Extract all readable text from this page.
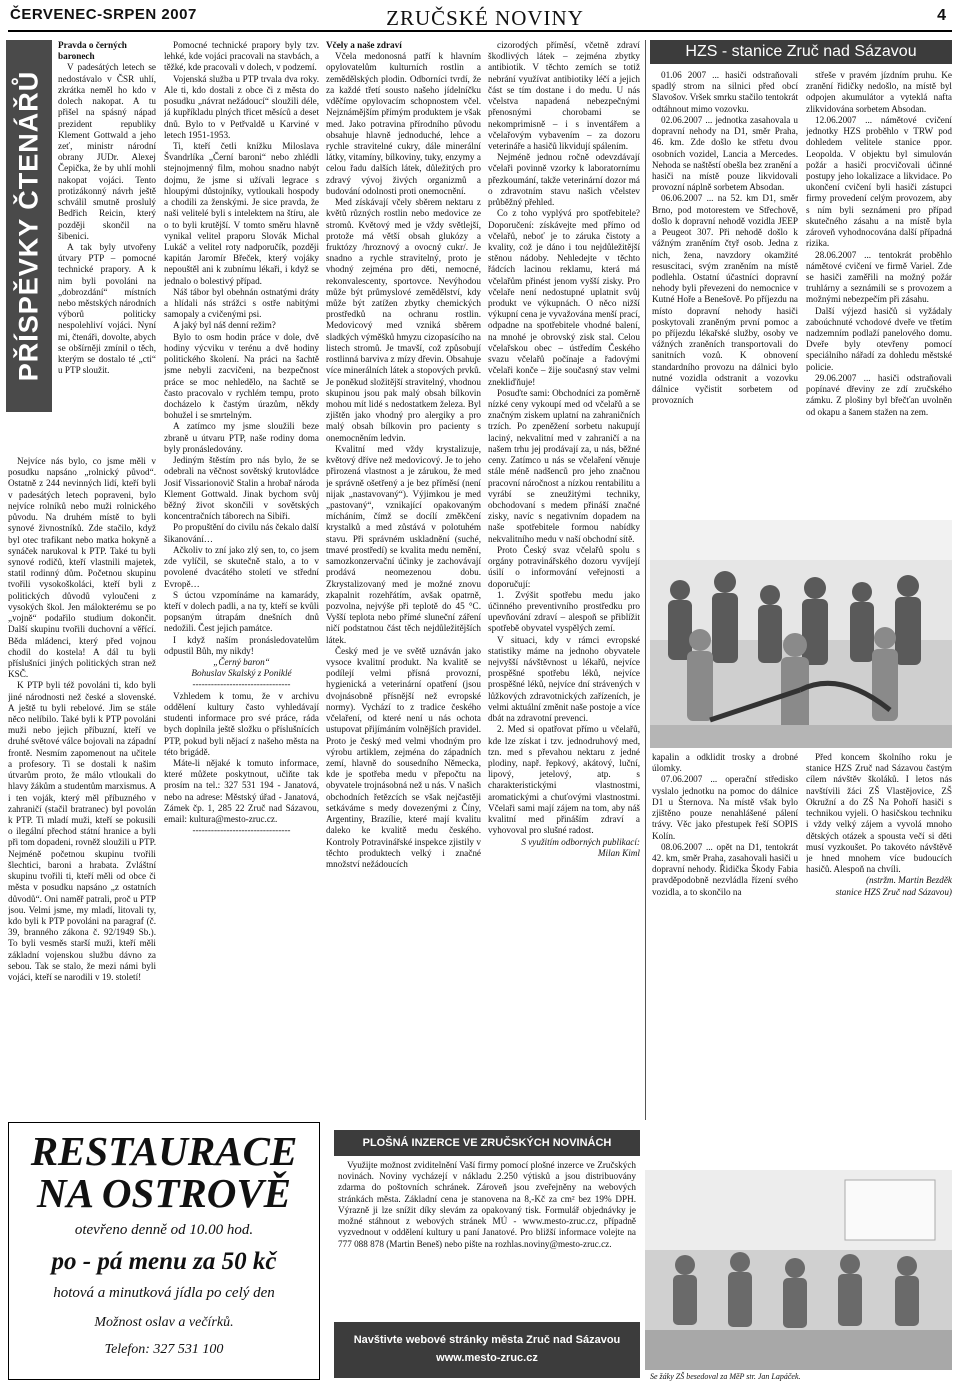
ČERVENEC-SRPEN 2007	ZRUČSKÉ NOVINY	4
PŘÍSPĚVKY ČTENÁŘŮ

Pravda o černých baronech

V padesátých letech se nedostávalo v ČSR uhlí, zkrátka neměl ho kdo v dolech nakopat. A tu přišel na spásný nápad prezident republiky Klement Gottwald a jeho zeť, ministr národní obrany JUDr. Alexej Čepička, že by uhlí mohli nakopat vojáci. Tento protizákonný návrh ještě schválil smutně proslulý Bedřich Reicin, který později skončil na šibenici.

A tak byly utvořeny útvary PTP – pomocné technické prapory. A k nim byli povoláni na „dobrozdání“ místních nebo městských národních výborů politicky nespolehliví vojáci. Nyní mi, čtenáři, dovolte, abych se obšírněji zmínil o těch, kterým se dostalo té „cti“ u PTP sloužit.

Nejvíce nás bylo, co jsme měli v posudku napsáno „rolnický původ“. Ostatně z 244 nevinných lidí, kteří byli v padesátých letech popraveni, bylo nejvíce rolníků nebo muži rolnického původu. Na druhém místě to byli synové živnostníků. Zde stačilo, když byl otec trafikant nebo matka hokyně a synáček narukoval k PTP. Také tu byli synové rodičů, kteří vlastnili majetek, statil rodinný dům. Početnou skupinu tvořili vysokoškoláci, kteří byli z politických důvodů vyloučeni z vysokých škol. Jen málokterému se po „vojně“ podařilo studium dokončit. Další skupinu tvořili duchovní a věřící. Běda mládenci, který před vojnou chodil do kostela! A dál tu byli příslušníci jiných politických stran než KSČ.

K PTP byli též povoláni ti, kdo byli jiné národnosti než české a slovenské. A ještě tu byli rebelové. Jim se stále něco nelíbilo. Také byli k PTP povoláni muži nebo jejich příbuzní, kteří ve druhé světové válce bojovali na západní frontě. Nesmím zapomenout na učitele a profesory. Ti se dostali k našim útvarům proto, že málo vtloukali do hlavy žákům a studentům marxismus. A i ten voják, který měl příbuzného v zahraničí (stačil bratranec) byl povolán k PTP. Ti mladí muži, kteří se pokusili o ilegální přechod státní hranice a byli při tom dopadeni, rovněž sloužili u PTP. Nejméně početnou skupinu tvořili šlechtici, baroni a hrabata. Zvláštní skupinu tvořili ti, kteří měli od obce či města v posudku napsáno „z ostatních důvodů“. Oni naměř patrali, proč u PTP jsou. Velmi jsme, my mladí, litovali ty, kdo byli k PTP povoláni na paragraf (č. 39, branného zákona č. 92/1949 Sb.). To byli vesměs starší muži, kteří měli základní vojenskou službu dávno za sebou. Tak se stalo, že mezi námi byli vojáci, kteří se narodili v 19. století!

Pomocné technické prapory byly tzv. lehké, kde vojáci pracovali na stavbách, a těžké, kde pracovali v dolech, v podzemí.

Vojenská služba u PTP trvala dva roky. Ale ti, kdo dostali z obce či z města do posudku „návrat nežádoucí“ sloužili déle, já kupříkladu plných třicet měsíců a deset dnů. Bylo to v Petřvaldě u Karviné v letech 1951-1953.

Ti, kteří četli knížku Miloslava Švandrlíka „Černí baroni“ nebo zhlédli stejnojmenný film, mohou snadno nabýt dojmu, že jsme si užívali legrace s hloupými důstojníky, vytloukali hospody a chodili za ženskými. Je sice pravda, že naši velitelé byli s intelektem na štíru, ale o to byli krutější. V tomto směru hlavně vynikal velitel praporu Slovák Michal Lukáč a velitel roty nadporučík, později kapitán Jaromír Břeček, který vojáky nepouštěl ani k zubnímu lékaři, i když se jednalo o bolestivý případ.

Náš tábor byl obehnán ostnatými dráty a hlídali nás strážci s ostře nabitými samopaly a cvičenými psi.

A jaký byl náš denní režim?

Bylo to osm hodin práce v dole, dvě hodiny výcviku v terénu a dvě hodiny politického školení. Na práci na šachtě jsme nebyli zacvičeni, na bezpečnost práce se moc nehledělo, na šachtě se často pracovalo v rychlém tempu, proto docházelo k častým úrazům, někdy bohužel i se smrtelným.

A zatímco my jsme sloužili beze zbraně u útvaru PTP, naše rodiny doma byly pronásledovány.

Jediným štěstím pro nás bylo, že se odebrali na věčnost sovětský krutovládce Josif Vissarionovič Stalin a hrobař národa Klement Gottwald. Jinak bychom svůj běžný život skončili v sovětských koncentračních táborech na Sibiři.

Po propuštění do civilu nás čekalo další šikanování…

Ačkoliv to zní jako zlý sen, to, co jsem zde vylíčil, se skutečně stalo, a to v povolené dvacátého století ve střední Evropě…

S úctou vzpomínáme na kamarády, kteří v dolech padli, a na ty, kteří se kvůli popsaným útrapám dnešních dnů nedožili. Čest jejich památce.

I když naším pronásledovatelům odpustil Bůh, my nikdy!

„Černý baron“

Bohuslav Skalský z Poniklé

--------------------------------

Vzhledem k tomu, že v archivu oddělení kultury často vyhledávají studenti informace pro své práce, ráda bych doplnila ještě složku o příslušnících PTP, pokud byli nějací z našeho města na této brigádě.

Máte-li nějaké k tomuto informace, které můžete poskytnout, učiňte tak prosím na tel.: 327 531 194 - Janatová, nebo na adrese: Městský úřad - Janatová, Zámek čp. 1, 285 22 Zruč nad Sázavou, email: kultura@mesto-zruc.cz.

--------------------------------

Včely a naše zdraví

Včela medonosná patří k hlavním opylovatelům kulturních rostlin a zemědělských plodin. Odborníci tvrdí, že za každé třetí sousto našeho jídelníčku vděčíme opylovacím schopnostem včel. Nejznámějším přímým produktem je však med. Jako potravina přírodního původu obsahuje hlavně jednoduché, lehce a rychle stravitelné cukry, dále minerální látky, vitamíny, bílkoviny, tuky, enzymy a celou řadu dalších látek, důležitých pro zdravý vývoj živých organizmů a budování odolnosti proti onemocnění.

Med získávají včely sběrem nektaru z květů různých rostlin nebo medovice ze stromů. Květový med je vždy světlejší, protože má větší obsah glukózy a fruktózy /hroznový a ovocný cukr/. Je snadno a rychle stravitelný, proto je vhodný zejména pro děti, nemocné, rekonvalescenty, sportovce. Nevýhodou může být průmyslové zemědělství, kdy může být zatížen zbytky chemických prostředků na ochranu rostlin. Medovicový med vzniká sběrem sladkých výměšků hmyzu cizopasícího na listech stromů. Je tmavší, což způsobují rostlinná barviva z mízy dřevin. Obsahuje více minerálních látek a stopových prvků. Je poněkud složitější stravitelný, vhodnou skupinou jsou pak malý obsah bílkovin mohou mít lidé s nedostatkem železa. Byl zjištěn jako vhodný pro alergiky a pro malý obsah bílkovin pro pacienty s onemocněním ledvin.

Kvalitní med vždy krystalizuje, květový dříve než medovicový. Je to jeho přirozená vlastnost a je zárukou, že med je správně ošetřený a je bez příměsí (není nijak „nastavovaný“). Výjimkou je med „pastovaný“, vznikající opakovaným mícháním, čímž se docílí změkčení krystalků a med zůstává v polotuhém stavu. Při správném uskladnění (suché, tmavé prostředí) se kvalita medu nemění, samozkonzervační účinky je zachovávají prodává neomezenou dobu. Zkrystalizovaný med je možné znovu zkapalnit rozehřátím, avšak opatrně, pozvolna, nejvýše při teplotě do 45 °C. Vyšší teplota nebo přímé sluneční záření ničí podstatnou část těch nejdůležitějších látek.

Český med je ve světě uznáván jako vysoce kvalitní produkt. Na kvalitě se podílejí velmi přísná provozní, hygienická a veterinární opatření (jsou dvojnásobně přísnější než evropské normy). Vychází to z tradice českého včelaření, od které není u nás ochota ustupovat přijímáním volnějších pravidel. Proto je český med velmi vhodným pro výrobu artiklem, zejména do západních zemí, hlavně do sousedního Německa, kde je spotřeba medu v přepočtu na obyvatele trojnásobná než u nás. V našich obchodních řetězcích se však nejčastěji setkáváme s medy dovezenými z Číny, Argentiny, Brazílie, které mají kvalitu daleko ke kvalitě medu českého. Kontroly Potravinářské inspekce zjistily v těchto produktech velký i značné množství nežádoucích

cizorodých příměsí, včetně zdraví škodlivých látek – zejména zbytky antibiotik. V těchto zemích se totiž nebrání využívat antibiotiky léčí a jejich část se tím dostane i do medu. U nás včelstva napadená nebezpečnými přenosnými chorobami se nekomprimisně – i s inventářem a včelařovým vybavením – za dozoru veterináře a hasičů likvidují spálením.

Nejméně jednou ročně odevzdávají včelaři povinně vzorky k laboratornímu přezkoumání, takže veterinární dozor má o zdravotním stavu našich včelstev průběžný přehled.

Co z toho vyplývá pro spotřebitele? Doporučení: získávejte med přímo od včelařů, neboť je to záruka čistoty a kvality, což je dáno i tou nejdůležitější stěnou nádoby. Nehledejte v těchto řádcích lacinou reklamu, která má včelařům přinést jenom vyšší zisky. Pro včelaře není nedostupné uplatnit svůj produkt ve výkupnách. O něco nižší výkupní cena je vyvažována menší prací, odpadne na spotřebitele vhodné balení, na mnohé je obrovský zisk stal. Celou včelařskou obec – ústředím Českého svazu včelařů počínaje a řadovými včelaři konče – žije současný stav velmi znekliďňuje!

Posuďte sami: Obchodníci za poměrně nízké ceny vykoupí med od včelařů a se značným ziskem uplatní na zahraničních trzích. Po zpeněžení sorbetu nakupují laciný, nekvalitní med v zahraničí a na našem trhu jej prodávají za, u nás, běžné ceny. Zatímco u nás se včelaření věnuje stále méně nadšenců pro jeho značnou pracovní náročnost a nízkou rentabilitu a vyrábí se zneužitými techniky, obchodovaní s medem přináší značné zisky, navíc s negativním dopadem na naše spotřebitele formou nabídky nekvalitního medu v naší obchodní sítě.

Proto Český svaz včelařů spolu s orgány potravinářského dozoru vyvíjejí úsilí o informování veřejnosti a doporučují:

1. Zvýšit spotřebu medu jako účinného preventivního prostředku pro upevňování zdraví – alespoň se přiblížit spotřebě obyvatel vyspělých zemí.

V situaci, kdy v rámci evropské statistiky máme na jednoho obyvatele nejvyšší návštěvnost u lékařů, nejvíce prospěšné spotřebu léků, nejvíce prospěšné léků, nejvíce dní strávených v lůžkových zdravotnických zařízeních, je velmi aktuální změnit naše postoje a více dbát na zdravotní prevenci.

2. Med si opatřovat přímo u včelařů, kde lze získat i tzv. jednodruhový med, tzn. med s převahou nektaru z jedné plodiny, např. řepkový, akátový, luční, lipový, jetelový, atp. s charakteristickými vlastnostmi, aromatickými a chuťovými vlastnostmi. Včelaři sami mají zájem na tom, aby náš kvalitní med přináším zdraví a vyhovoval pro slušné radost.

S využitím odborných publikací:

Milan Kiml

HZS - stanice Zruč nad Sázavou

01.06 2007 ... hasiči odstraňovali spadlý strom na silnici před obcí Slavošov. Vršek smrku stačilo tentokrát odtáhnout mimo vozovku.

02.06.2007 ... jednotka zasahovala u dopravní nehody na D1, směr Praha, 46. km. Zde došlo ke střetu dvou osobních vozidel, Lancia a Mercedes. Nehoda se naštěstí obešla bez zranění a hasiči na místě pouze likvidovali provozní náplně sorbetem Absodan.

06.06.2007 ... na 52. km D1, směr Brno, pod motorestem ve Střechově, došlo k dopravní nehodě vozidla JEEP a Peugeot 307. Při nehodě došlo k vážným zraněním čtyř osob. Jedna z nich, žena, navzdory okamžité resuscitaci, svým zraněním na místě podlehla. Ostatní účastníci dopravní nehody byli převezeni do nemocnice v Kutné Hoře a Benešově. Po příjezdu na místo dopravní nehody hasiči poskytovali zraněným první pomoc a po příjezdu lékařské služby, osoby ve vážných zraněních transportovali do sanitních vozů. K obnovení standardního provozu na dálnici bylo nutné vozidla odstranit a vozovku dálnice vyčistit sorbetem od provozních

střeše v pravém jízdním pruhu. Ke zranění řidičky nedošlo, na místě byl odpojen akumulátor a vyteklá nafta zlikvidována sorbetem Absodan.

12.06.2007 ... námětové cvičení jednotky HZS proběhlo v TRW pod dohledem velitele stanice ppor. Leopolda. V objektu byl simulován požár a hasiči procvičovali účinné postupy jeho lokalizace a likvidace. Po ukončení cvičení byli hasiči zástupci firmy provedení celým provozem, aby s ním byli seznámeni pro případ skutečného zásahu a na místě byla zároveň vyhodnocována další případná rizika.

28.06.2007 ... tentokrát proběhlo námětové cvičení ve firmě Variel. Zde se hasiči zaměřili na možný požár truhlárny a seznámili se s provozem a možnými nebezpečím při zásahu.

Další výjezd hasičů si vyžádaly zaboúchnuté vchodové dveře ve třetím nadzemním podlaží panelového domu. Dveře byly otevřeny pomocí speciálního nářadí za dohledu městské policie.

29.06.2007 ... hasiči odstraňovali popínavé dřeviny ze zdí zručského zámku. Z plošiny byl břečťan uvolněn od okapu a šanem stažen na zem.

kapalin a odklidit trosky a drobné úlomky.

07.06.2007 ... operační středisko vyslalo jednotku na pomoc do dálnice D1 u Šternova. Na místě však bylo zjištěno pouze nenahlášené pálení trávy. Věc jako přestupek řeší SOPIS Kolín.

08.06.2007 ... opět na D1, tentokrát 42. km, směr Praha, zasahovali hasiči u dopravní nehody. Řidička Škody Fabia pravděpodobně nezvládla řízení svého vozidla, a to skončilo na

Před koncem školního roku je stanice HZS Zruč nad Sázavou častým cílem návštěv školáků. I letos nás navštívili žáci ZŠ Vlastějovice, ZŠ Okružní a do ZŠ Na Pohoří hasiči s technikou vyjeli. O hasičskou techniku i vždy velký zájem a vyvolá mnoho dětských otázek a spousta večí si děti musí vyzkoušet. Po takovéto návštěvě je hned mnohem více budoucích hasičů. Alespoň na chvíli.

(nstržm. Martin Bezděk

stanice HZS Zruč nad Sázavou)

Se žáky ZŠ besedoval za MěP str. Jan Lapáček.
RESTAURACE
NA OSTROVĚ
otevřeno denně od 10.00 hod.
po - pá menu za 50 kč
hotová a minutková jídla po celý den
Možnost oslav a večírků.
Telefon: 327 531 100
PLOŠNÁ INZERCE VE ZRUČSKÝCH NOVINÁCH
Využijte možnost zviditelnění Vaší firmy pomocí plošné inzerce ve Zručských novinách. Noviny vycházejí v nákladu 2.250 výtisků a jsou distribuovány zdarma do poštovních schránek. Zároveň jsou zveřejněny na webových stránkách města. Základní cena je stanovena na 8,-Kč za cm² bez 19% DPH. Výrazně ji lze snížit díky slevám za opakovaný tisk. Formulář objednávky je možné stáhnout z webových stránek MÚ - www.mesto-zruc.cz, případně vyzvednout v oddělení kultury u paní Janatové. Pro bližší informace volejte na 777 088 878 (Martin Beneš) nebo pište na rozhlas.noviny@mesto-zruc.cz.
Navštivte webové stránky města Zruč nad Sázavou
www.mesto-zruc.cz
